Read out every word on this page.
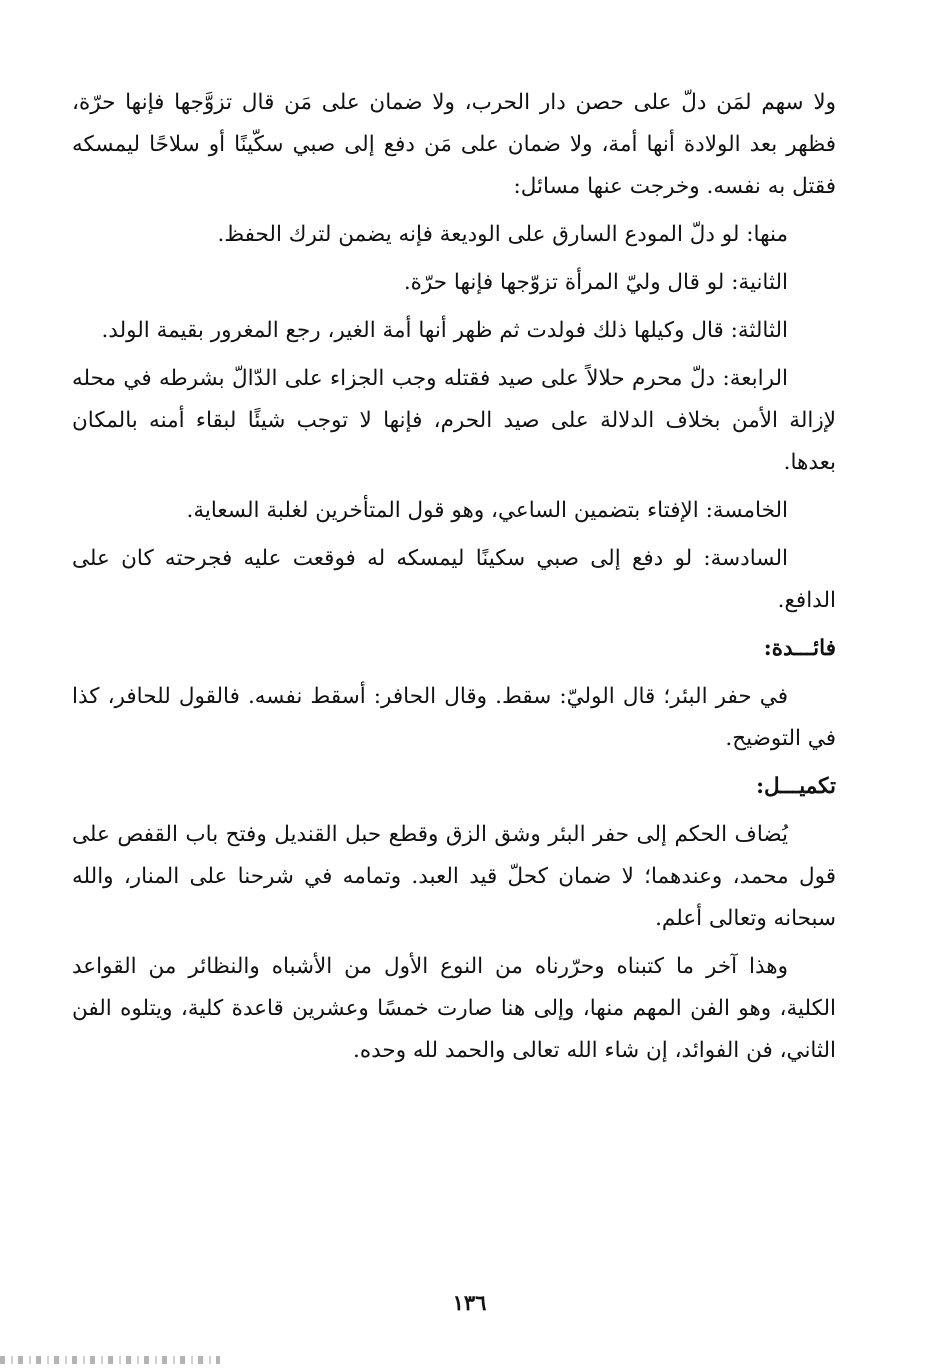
ولا سهم لمَن دلّ على حصن دار الحرب، ولا ضمان على مَن قال تزوَّجها فإنها حرّة، فظهر بعد الولادة أنها أمة، ولا ضمان على مَن دفع إلى صبي سكّينًا أو سلاحًا ليمسكه فقتل به نفسه. وخرجت عنها مسائل:

منها: لو دلّ المودع السارق على الوديعة فإنه يضمن لترك الحفظ.

الثانية: لو قال وليّ المرأة تزوّجها فإنها حرّة.

الثالثة: قال وكيلها ذلك فولدت ثم ظهر أنها أمة الغير، رجع المغرور بقيمة الولد.

الرابعة: دلّ محرم حلالاً على صيد فقتله وجب الجزاء على الدّالّ بشرطه في محله لإزالة الأمن بخلاف الدلالة على صيد الحرم، فإنها لا توجب شيئًا لبقاء أمنه بالمكان بعدها.

الخامسة: الإفتاء بتضمين الساعي، وهو قول المتأخرين لغلبة السعاية.

السادسة: لو دفع إلى صبي سكينًا ليمسكه له فوقعت عليه فجرحته كان على الدافع.

فائـــدة:

في حفر البئر؛ قال الوليّ: سقط. وقال الحافر: أسقط نفسه. فالقول للحافر، كذا في التوضيح.

تكميـــل:

يُضاف الحكم إلى حفر البئر وشق الزق وقطع حبل القنديل وفتح باب القفص على قول محمد، وعندهما؛ لا ضمان كحلّ قيد العبد. وتمامه في شرحنا على المنار، والله سبحانه وتعالى أعلم.

وهذا آخر ما كتبناه وحرّرناه من النوع الأول من الأشباه والنظائر من القواعد الكلية، وهو الفن المهم منها، وإلى هنا صارت خمسًا وعشرين قاعدة كلية، ويتلوه الفن الثاني، فن الفوائد، إن شاء الله تعالى والحمد لله وحده.

١٣٦
